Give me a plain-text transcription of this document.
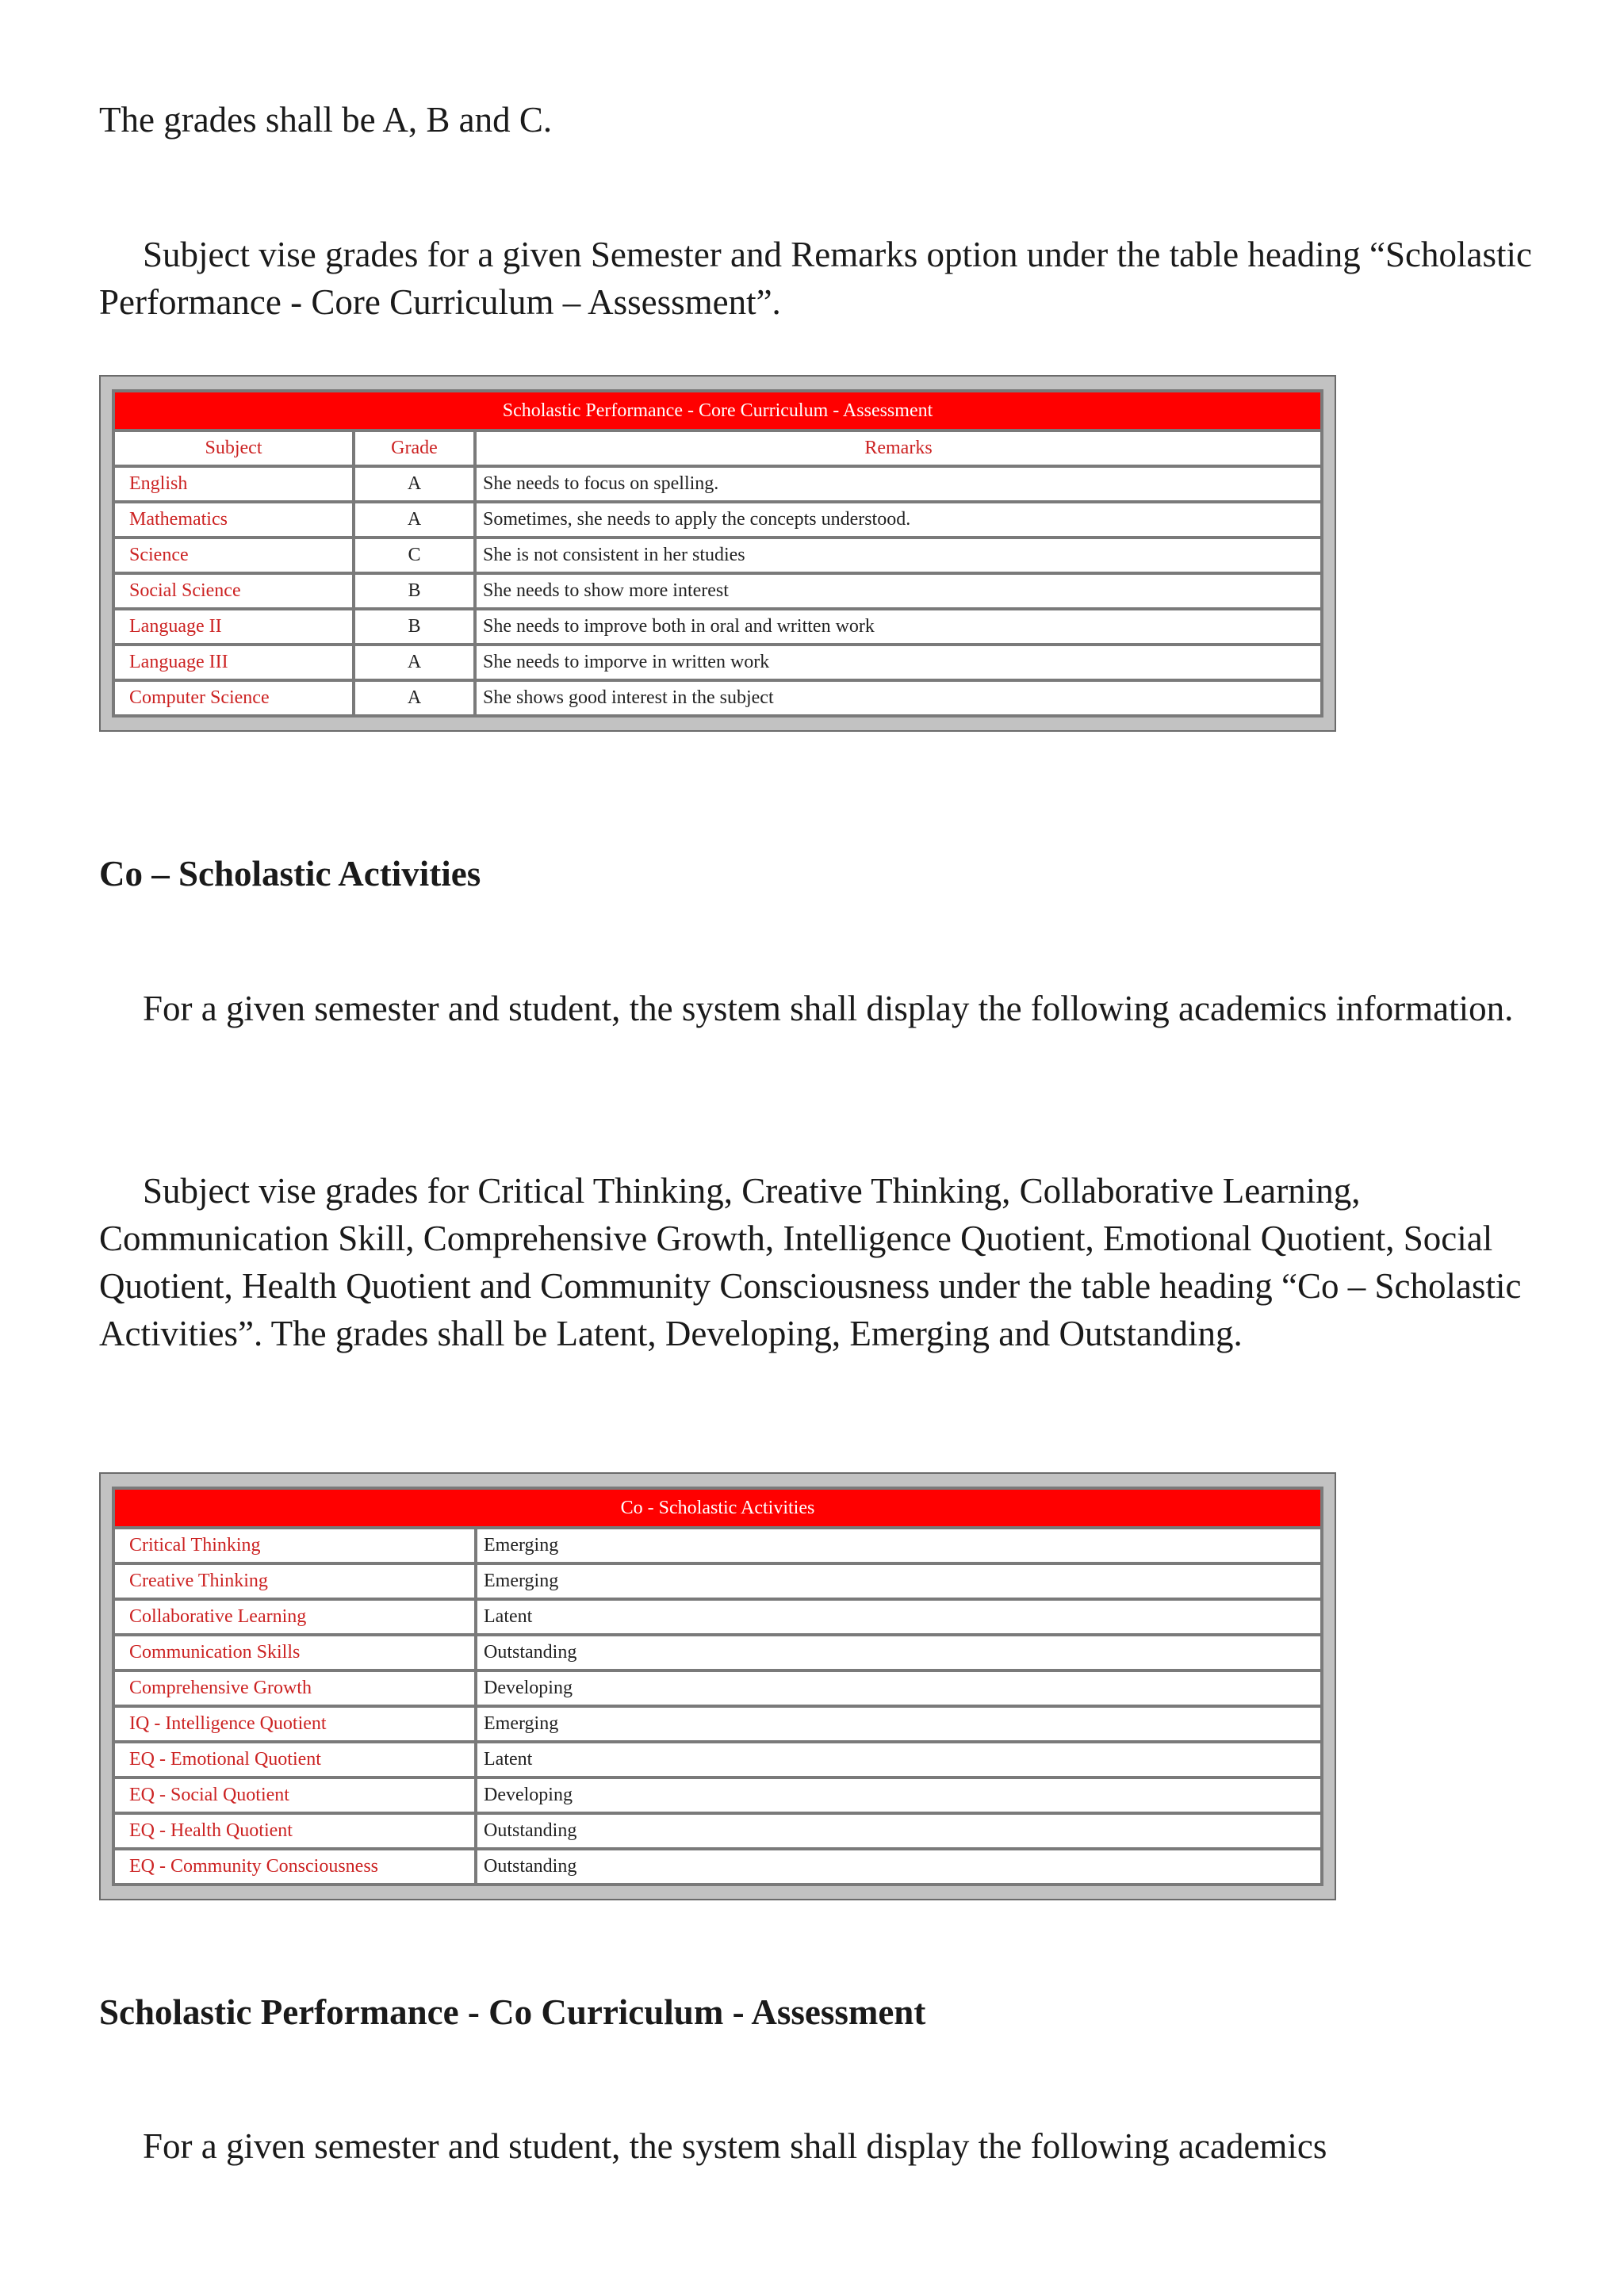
The grades shall be A, B and C.

Subject vise grades for a given Semester and Remarks option under the table heading “Scholastic Performance - Core Curriculum – Assessment”.

Scholastic Performance - Core Curriculum - Assessment		
Subject	Grade	Remarks
English	A	She needs to focus on spelling.
Mathematics	A	Sometimes, she needs to apply the concepts understood.
Science	C	She is not consistent in her studies
Social Science	B	She needs to show more interest
Language II	B	She needs to improve both in oral and written work
Language III	A	She needs to imporve in written work
Computer Science	A	She shows good interest in the subject
Co – Scholastic Activities

For a given semester and student, the system shall display the following academics information.

Subject vise grades for Critical Thinking, Creative Thinking, Collaborative Learning, Communication Skill, Comprehensive Growth, Intelligence Quotient, Emotional Quotient, Social Quotient, Health Quotient and Community Consciousness under the table heading “Co – Scholastic Activities”. The grades shall be Latent, Developing, Emerging and Outstanding.

Co - Scholastic Activities	
Critical Thinking	Emerging
Creative Thinking	Emerging
Collaborative Learning	Latent
Communication Skills	Outstanding
Comprehensive Growth	Developing
IQ - Intelligence Quotient	Emerging
EQ - Emotional Quotient	Latent
EQ - Social Quotient	Developing
EQ - Health Quotient	Outstanding
EQ - Community Consciousness	Outstanding
Scholastic Performance - Co Curriculum - Assessment

For a given semester and student, the system shall display the following academics
